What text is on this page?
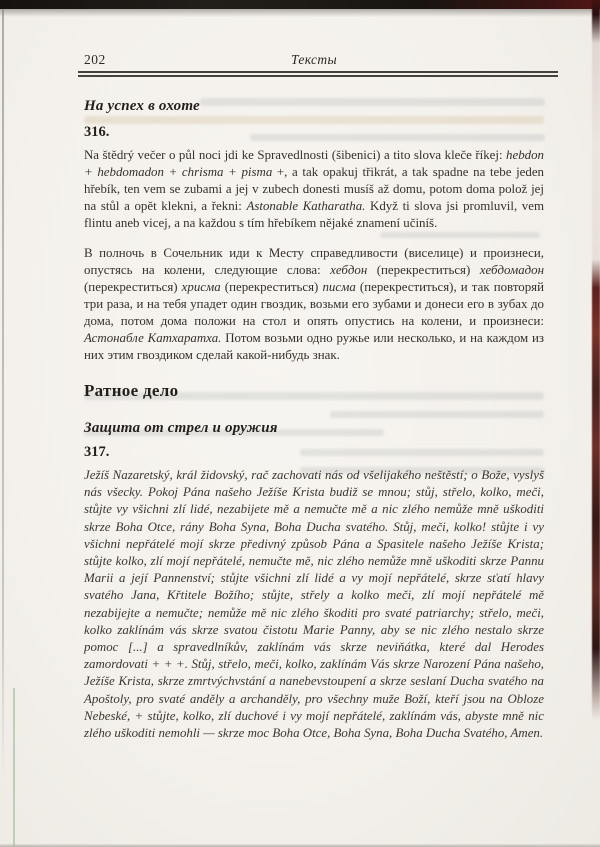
202	Тексты
На успех в охоте
316.

Na štědrý večer o půl noci jdi ke Spravedlnosti (šibenici) a tito slova kleče říkej: hebdon + hebdomadon + chrisma + pisma +, a tak opakuj třikrát, a tak spadne na tebe jeden hřebík, ten vem se zubami a jej v zubech donesti musíš až domu, potom doma polož jej na stůl a opět klekni, a řekni: Astonable Katharatha. Když ti slova jsi promluvil, vem flintu aneb vicej, a na každou s tím hřebíkem nějaké znamení učiníš.

В полночь в Сочельник иди к Месту справедливости (виселице) и произнеси, опустясь на колени, следующие слова: хебдон (перекреститься) хебдомадон (перекреститься) хрисма (перекреститься) писма (перекреститься), и так повторяй три раза, и на тебя упадет один гвоздик, возьми его зубами и донеси его в зубах до дома, потом дома положи на стол и опять опустись на колени, и произнеси: Астонабле Катхаратха. Потом возьми одно ружье или несколько, и на каждом из них этим гвоздиком сделай какой-нибудь знак.

Ратное дело
Защита от стрел и оружия
317.

Ježíš Nazaretský, král židovský, rač zachovati nás od všelijakého neštěstí; o Bože, vyslyš nás všecky. Pokoj Pána našeho Ježíše Krista budiž se mnou; stůj, střelo, kolko, meči, stůjte vy všichni zlí lidé, nezabijete mě a nemučte mě a nic zlého nemůže mně uškoditi skrze Boha Otce, rány Boha Syna, Boha Ducha svatého. Stůj, meči, kolko! stůjte i vy všichni nepřátelé mojí skrze předivný způsob Pána a Spasitele našeho Ježíše Krista; stůjte kolko, zlí mojí nepřátelé, nemučte mě, nic zlého nemůže mně uškoditi skrze Pannu Marii a její Pannenství; stůjte všichni zlí lidé a vy mojí nepřátelé, skrze sťatí hlavy svatého Jana, Křtitele Božího; stůjte, střely a kolko meči, zlí mojí nepřátelé mě nezabijejte a nemučte; nemůže mě nic zlého škoditi pro svaté patriarchy; střelo, meči, kolko zaklínám vás skrze svatou čistotu Marie Panny, aby se nic zlého nestalo skrze pomoc [...] a spravedlníkův, zaklínám vás skrze neviňátka, které dal Herodes zamordovati + + +. Stůj, střelo, meči, kolko, zaklínám Vás skrze Narození Pána našeho, Ježíše Krista, skrze zmrtvýchvstání a nanebevstoupení a skrze seslaní Ducha svatého na Apoštoly, pro svaté anděly a archanděly, pro všechny muže Boží, kteří jsou na Obloze Nebeské, + stůjte, kolko, zlí duchové i vy mojí nepřátelé, zaklínám vás, abyste mně nic zlého uškoditi nemohli — skrze moc Boha Otce, Boha Syna, Boha Ducha Svatého, Amen.
